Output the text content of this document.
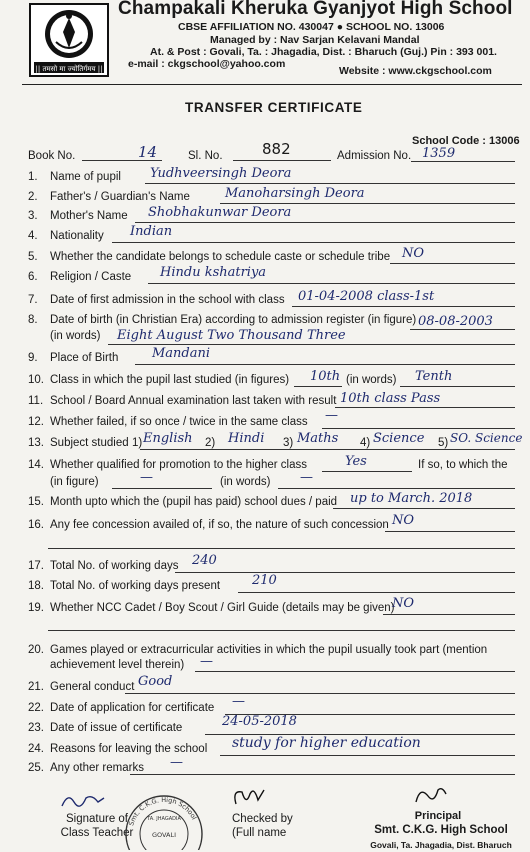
|| तमसो मा ज्योतिर्गमय ||
Champakali Kheruka Gyanjyot High School
CBSE AFFILIATION NO. 430047 ● SCHOOL NO. 13006
Managed by : Nav Sarjan Kelavani Mandal
At. & Post : Govali, Ta. : Jhagadia, Dist. : Bharuch (Guj.) Pin : 393 001.
e-mail : ckgschool@yahoo.com
Website : www.ckgschool.com
TRANSFER CERTIFICATE
School Code : 13006
Book No.	14	Sl. No.	882	Admission No. 1359
1. Name of pupil	Yudhveersingh Deora
2. Father's / Guardian's Name	Manoharsingh Deora
3. Mother's Name	Shobhakunwar Deora
4. Nationality	Indian
5. Whether the candidate belongs to schedule caste or schedule tribe NO
6. Religion / Caste	Hindu kshatriya
7. Date of first admission in the school with class	01-04-2008 class-1st
8. Date of birth (in Christian Era) according to admission register (in figure) 08-08-2003
(in words)	Eight August Two Thousand Three
9. Place of Birth	Mandani
10. Class in which the pupil last studied (in figures)	10th (in words) Tenth
11. School / Board Annual examination last taken with result 10th class Pass
12. Whether failed, if so once / twice in the same class	—
13. Subject studied 1) English 2) Hindi 3) Maths 4) Science 5) SO. Science
14. Whether qualified for promotion to the higher class	Yes	If so, to which the
(in figure)	—	(in words) —
15. Month upto which the (pupil has paid) school dues / paid up to March. 2018
16. Any fee concession availed of, if so, the nature of such concession NO
17. Total No. of working days	240
18. Total No. of working days present	210
19. Whether NCC Cadet / Boy Scout / Girl Guide (details may be given)
NO
20. Games played or extracurricular activities in which the pupil usually took part (mention
achievement level therein)	—
21. General conduct Good
22. Date of application for certificate	—
23. Date of issue of certificate	24-05-2018
24. Reasons for leaving the school	study for higher education
25. Any other remarks	—
Signature of
Class Teacher
Smt. C.K.G. High School
GOVALI
TA. JHAGADIA	Checked by
(Full name
Principal
Smt. C.K.G. High School
Govali, Ta. Jhagadia, Dist. Bharuch
